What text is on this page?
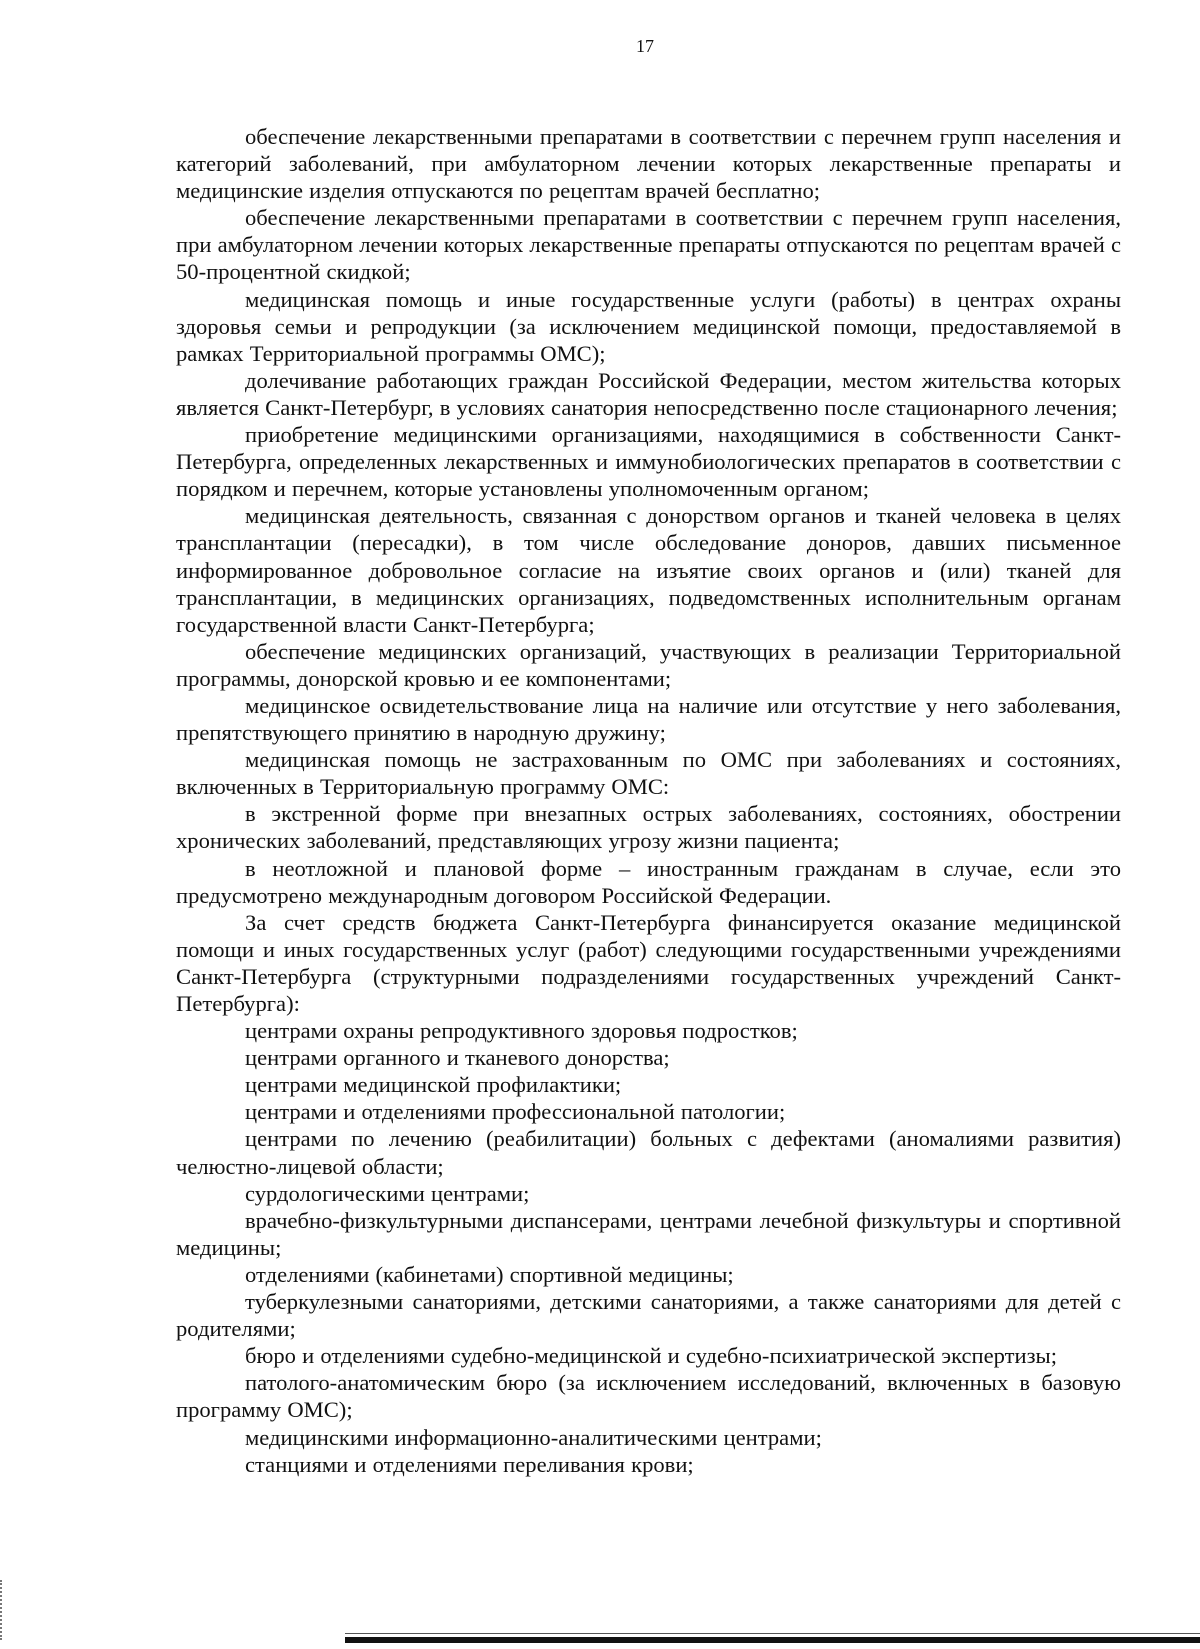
17

обеспечение лекарственными препаратами в соответствии с перечнем групп населения и категорий заболеваний, при амбулаторном лечении которых лекарственные препараты и медицинские изделия отпускаются по рецептам врачей бесплатно;

обеспечение лекарственными препаратами в соответствии с перечнем групп населения, при амбулаторном лечении которых лекарственные препараты отпускаются по рецептам врачей с 50-процентной скидкой;

медицинская помощь и иные государственные услуги (работы) в центрах охраны здоровья семьи и репродукции (за исключением медицинской помощи, предоставляемой в рамках Территориальной программы ОМС);

долечивание работающих граждан Российской Федерации, местом жительства которых является Санкт-Петербург, в условиях санатория непосредственно после стационарного лечения;

приобретение медицинскими организациями, находящимися в собственности Санкт-Петербурга, определенных лекарственных и иммунобиологических препаратов в соответствии с порядком и перечнем, которые установлены уполномоченным органом;

медицинская деятельность, связанная с донорством органов и тканей человека в целях трансплантации (пересадки), в том числе обследование доноров, давших письменное информированное добровольное согласие на изъятие своих органов и (или) тканей для трансплантации, в медицинских организациях, подведомственных исполнительным органам государственной власти Санкт-Петербурга;

обеспечение медицинских организаций, участвующих в реализации Территориальной программы, донорской кровью и ее компонентами;

медицинское освидетельствование лица на наличие или отсутствие у него заболевания, препятствующего принятию в народную дружину;

медицинская помощь не застрахованным по ОМС при заболеваниях и состояниях, включенных в Территориальную программу ОМС:

в экстренной форме при внезапных острых заболеваниях, состояниях, обострении хронических заболеваний, представляющих угрозу жизни пациента;

в неотложной и плановой форме – иностранным гражданам в случае, если это предусмотрено международным договором Российской Федерации.

За счет средств бюджета Санкт-Петербурга финансируется оказание медицинской помощи и иных государственных услуг (работ) следующими государственными учреждениями Санкт-Петербурга (структурными подразделениями государственных учреждений Санкт-Петербурга):

центрами охраны репродуктивного здоровья подростков;

центрами органного и тканевого донорства;

центрами медицинской профилактики;

центрами и отделениями профессиональной патологии;

центрами по лечению (реабилитации) больных с дефектами (аномалиями развития) челюстно-лицевой области;

сурдологическими центрами;

врачебно-физкультурными диспансерами, центрами лечебной физкультуры и спортивной медицины;

отделениями (кабинетами) спортивной медицины;

туберкулезными санаториями, детскими санаториями, а также санаториями для детей с родителями;

бюро и отделениями судебно-медицинской и судебно-психиатрической экспертизы;

патолого-анатомическим бюро (за исключением исследований, включенных в базовую программу ОМС);

медицинскими информационно-аналитическими центрами;

станциями и отделениями переливания крови;
